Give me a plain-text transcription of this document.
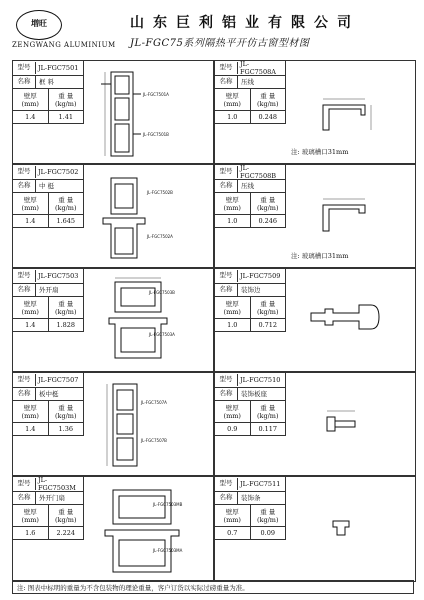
増旺
ZENGWANG ALUMINIUM
山东巨利铝业有限公司
JL-FGC75系列隔热平开仿古窗型材图
型号	JL-FGC7501
名称	框 料
壁厚
(mm)
重 量
(kg/m)
1.4	1.41
JL-FGC7501A
JL-FGC7501B
型号	JL-FGC7508A
名称	压线
壁厚
(mm)
重 量
(kg/m)
1.0	0.248
注: 玻璃槽口31mm
型号	JL-FGC7502
名称	中 梃
壁厚
(mm)
重 量
(kg/m)
1.4	1.645
JL-FGC7502B
JL-FGC7502A
型号	JL-FGC7508B
名称	压线
壁厚
(mm)
重 量
(kg/m)
1.0	0.246
注: 玻璃槽口31mm
型号	JL-FGC7503
名称	外开扇
壁厚
(mm)
重 量
(kg/m)
1.4	1.828
JL-FGC7503B
JL-FGC7503A
型号	JL-FGC7509
名称	装饰边
壁厚
(mm)
重 量
(kg/m)
1.0	0.712
型号	JL-FGC7507
名称	板中梃
壁厚
(mm)
重 量
(kg/m)
1.4	1.36
JL-FGC7507A
JL-FGC7507B
型号	JL-FGC7510
名称	装饰板座
壁厚
(mm)
重 量
(kg/m)
0.9	0.117
型号	JL-FGC7503M
名称	外开门扇
壁厚
(mm)
重 量
(kg/m)
1.6	2.224
JL-FGC7503MB
JL-FGC7503MA
型号	JL-FGC7511
名称	装饰条
壁厚
(mm)
重 量
(kg/m)
0.7	0.09
注: 图表中标明的重量为不含包装物的理论重量，客户订货以实际过磅重量为准。
